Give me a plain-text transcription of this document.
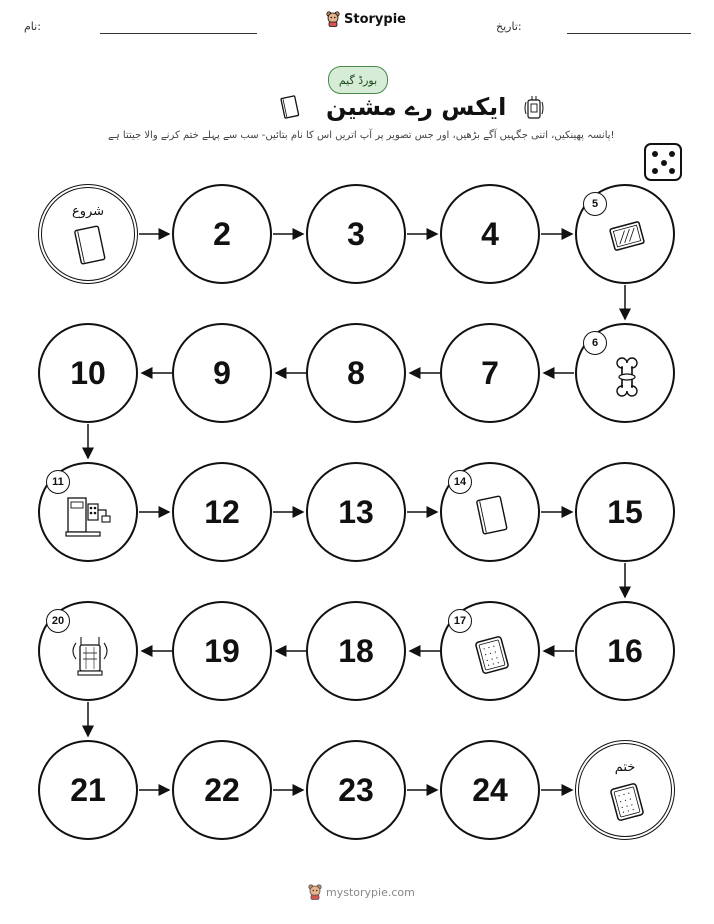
نام:	Storypie	تاریخ:
بورڈ گیم
ایکس رے مشین
پانسہ پھینکیں، اتنی جگہیں آگے بڑھیں، اور جس تصویر پر آپ اتریں اس کا نام بتائیں- سب سے پہلے ختم کرنے والا جیتتا ہے!
شروع
2	3	4
5
10	9	8	7
6
11
12	13
14
15
20
19	18
17
16
21	22	23	24
ختم
mystorypie.com
